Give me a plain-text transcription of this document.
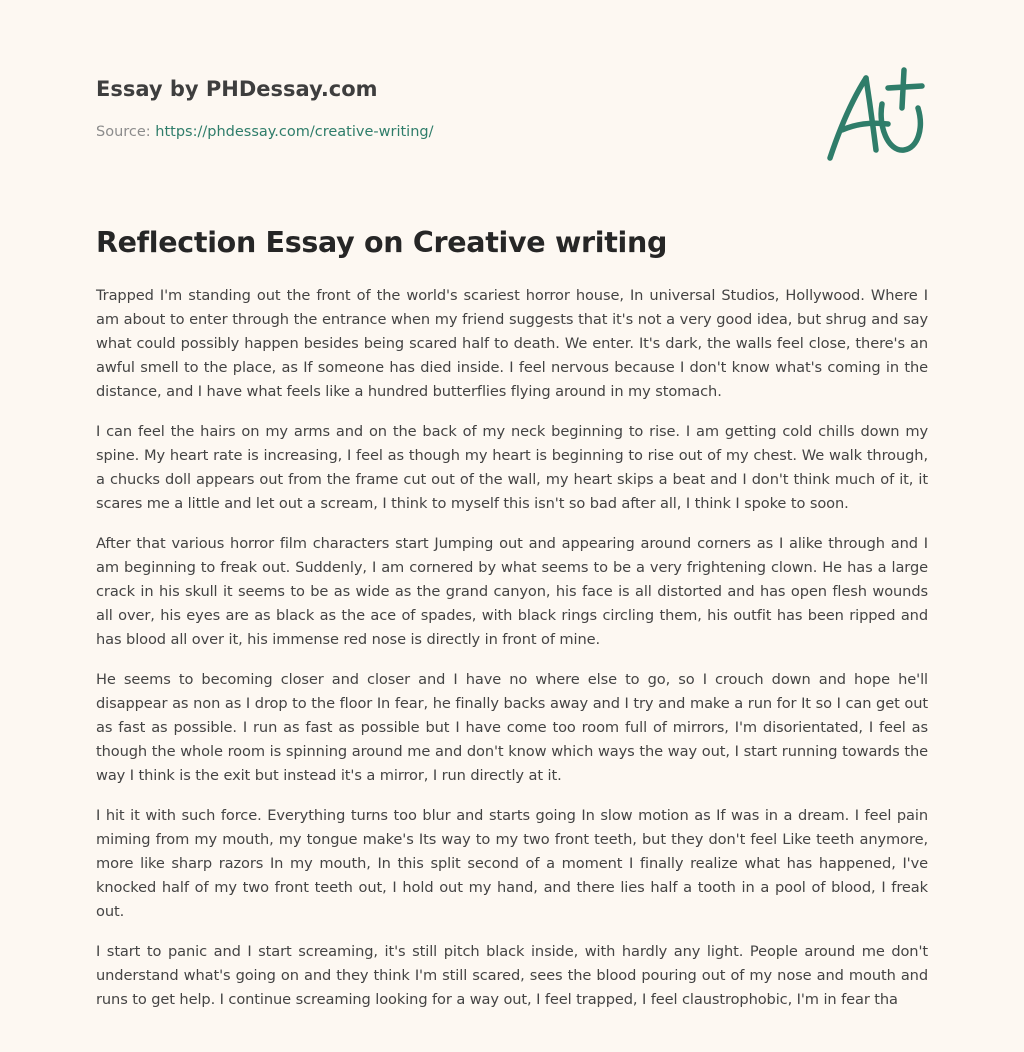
Essay by PHDessay.com
Source: https://phdessay.com/creative-writing/
Reflection Essay on Creative writing

Trapped I'm standing out the front of the world's scariest horror house, In universal Studios, Hollywood. Where I am about to enter through the entrance when my friend suggests that it's not a very good idea, but shrug and say what could possibly happen besides being scared half to death. We enter. It's dark, the walls feel close, there's an awful smell to the place, as If someone has died inside. I feel nervous because I don't know what's coming in the distance, and I have what feels like a hundred butterflies flying around in my stomach.

I can feel the hairs on my arms and on the back of my neck beginning to rise. I am getting cold chills down my spine. My heart rate is increasing, I feel as though my heart is beginning to rise out of my chest. We walk through, a chucks doll appears out from the frame cut out of the wall, my heart skips a beat and I don't think much of it, it scares me a little and let out a scream, I think to myself this isn't so bad after all, I think I spoke to soon.

After that various horror film characters start Jumping out and appearing around corners as I alike through and I am beginning to freak out. Suddenly, I am cornered by what seems to be a very frightening clown. He has a large crack in his skull it seems to be as wide as the grand canyon, his face is all distorted and has open flesh wounds all over, his eyes are as black as the ace of spades, with black rings circling them, his outfit has been ripped and has blood all over it, his immense red nose is directly in front of mine.

He seems to becoming closer and closer and I have no where else to go, so I crouch down and hope he'll disappear as non as I drop to the floor In fear, he finally backs away and I try and make a run for It so I can get out as fast as possible. I run as fast as possible but I have come too room full of mirrors, I'm disorientated, I feel as though the whole room is spinning around me and don't know which ways the way out, I start running towards the way I think is the exit but instead it's a mirror, I run directly at it.

I hit it with such force. Everything turns too blur and starts going In slow motion as If was in a dream. I feel pain miming from my mouth, my tongue make's Its way to my two front teeth, but they don't feel Like teeth anymore, more like sharp razors In my mouth, In this split second of a moment I finally realize what has happened, I've knocked half of my two front teeth out, I hold out my hand, and there lies half a tooth in a pool of blood, I freak out.

I start to panic and I start screaming, it's still pitch black inside, with hardly any light. People around me don't understand what's going on and they think I'm still scared, sees the blood pouring out of my nose and mouth and runs to get help. I continue screaming looking for a way out, I feel trapped, I feel claustrophobic, I'm in fear tha
